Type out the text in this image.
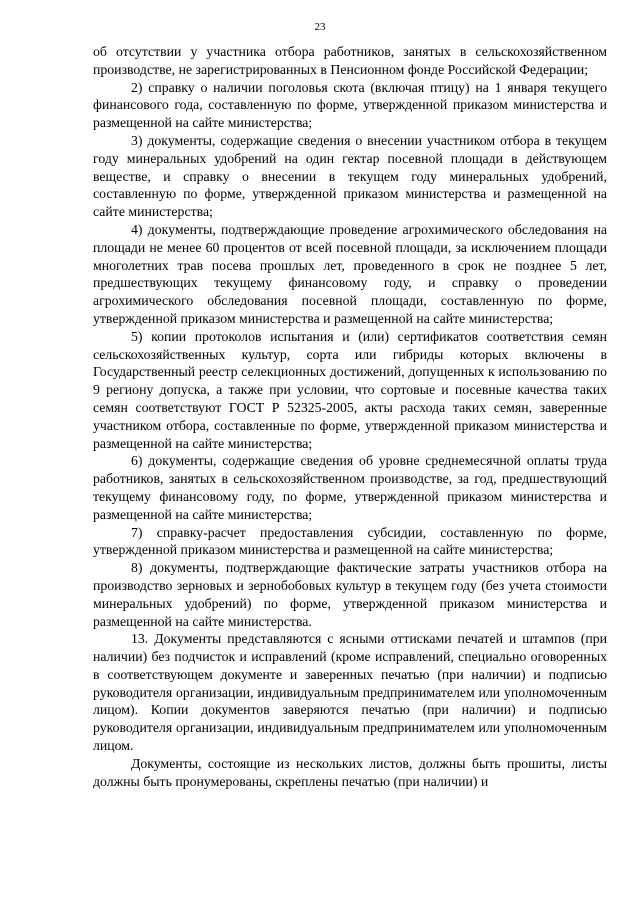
23

об отсутствии у участника отбора работников, занятых в сельскохозяйственном производстве, не зарегистрированных в Пенсионном фонде Российской Федерации;

2) справку о наличии поголовья скота (включая птицу) на 1 января текущего финансового года, составленную по форме, утвержденной приказом министерства и размещенной на сайте министерства;

3) документы, содержащие сведения о внесении участником отбора в текущем году минеральных удобрений на один гектар посевной площади в действующем веществе, и справку о внесении в текущем году минеральных удобрений, составленную по форме, утвержденной приказом министерства и размещенной на сайте министерства;

4) документы, подтверждающие проведение агрохимического обследования на площади не менее 60 процентов от всей посевной площади, за исключением площади многолетних трав посева прошлых лет, проведенного в срок не позднее 5 лет, предшествующих текущему финансовому году, и справку о проведении агрохимического обследования посевной площади, составленную по форме, утвержденной приказом министерства и размещенной на сайте министерства;

5) копии протоколов испытания и (или) сертификатов соответствия семян сельскохозяйственных культур, сорта или гибриды которых включены в Государственный реестр селекционных достижений, допущенных к использованию по 9 региону допуска, а также при условии, что сортовые и посевные качества таких семян соответствуют ГОСТ Р 52325-2005, акты расхода таких семян, заверенные участником отбора, составленные по форме, утвержденной приказом министерства и размещенной на сайте министерства;

6) документы, содержащие сведения об уровне среднемесячной оплаты труда работников, занятых в сельскохозяйственном производстве, за год, предшествующий текущему финансовому году, по форме, утвержденной приказом министерства и размещенной на сайте министерства;

7) справку-расчет предоставления субсидии, составленную по форме, утвержденной приказом министерства и размещенной на сайте министерства;

8) документы, подтверждающие фактические затраты участников отбора на производство зерновых и зернобобовых культур в текущем году (без учета стоимости минеральных удобрений) по форме, утвержденной приказом министерства и размещенной на сайте министерства.

13. Документы представляются с ясными оттисками печатей и штампов (при наличии) без подчисток и исправлений (кроме исправлений, специально оговоренных в соответствующем документе и заверенных печатью (при наличии) и подписью руководителя организации, индивидуальным предпринимателем или уполномоченным лицом). Копии документов заверяются печатью (при наличии) и подписью руководителя организации, индивидуальным предпринимателем или уполномоченным лицом.

Документы, состоящие из нескольких листов, должны быть прошиты, листы должны быть пронумерованы, скреплены печатью (при наличии) и
